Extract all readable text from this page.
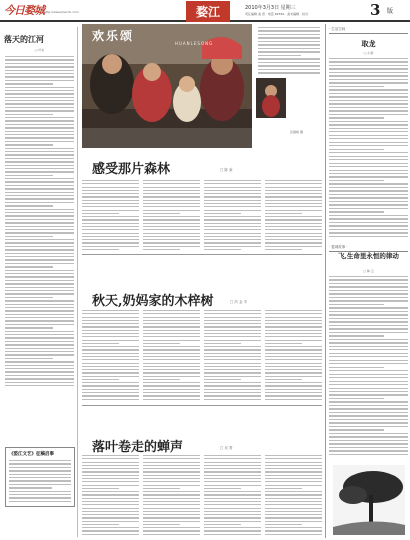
今日婺城 http://www.jhwcrb.com	婺江	2010年3月3日 星期三
责任编辑 美 君 · 电话 82362 · 美术编辑 · 校对	3 版
落天的江河
□ 叶永
《婺江文艺》征稿启事
欢乐颂
HUANLESONG
张继峰 摄
· 生活空间 ·
取龙
□ 小新
· 婺城故事 ·
飞,生命里永恒的律动
□ 韩 云
感受那片森林	□ 陈 秉
秋天,奶妈家的木梓树	□ 冯 金 辛
落叶卷走的蝉声	□ 吴 菁
